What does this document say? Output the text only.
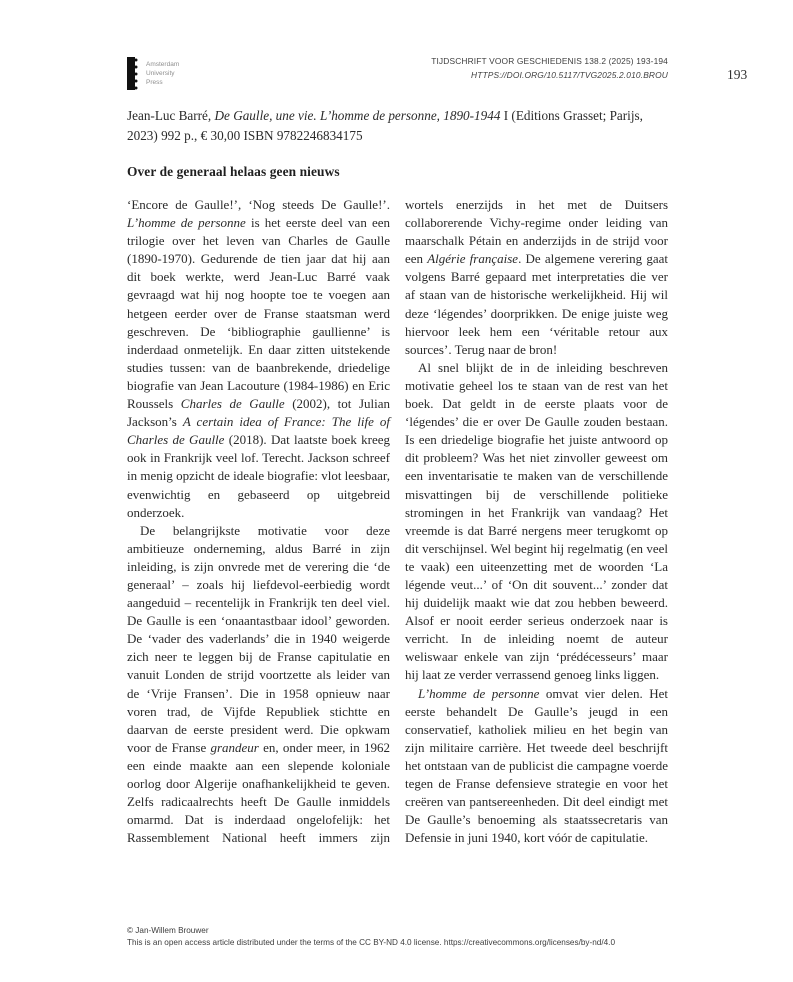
Amsterdam
University
Press
TIJDSCHRIFT VOOR GESCHIEDENIS 138.2 (2025) 193-194
HTTPS://DOI.ORG/10.5117/TVG2025.2.010.BROU	193
Jean-Luc Barré, De Gaulle, une vie. L’homme de personne, 1890-1944 I (Editions Grasset; Parijs, 2023) 992 p., € 30,00 ISBN 9782246834175
Over de generaal helaas geen nieuws

‘Encore de Gaulle!’, ‘Nog steeds De Gaulle!’. L’homme de personne is het eerste deel van een trilogie over het leven van Charles de Gaulle (1890-1970). Gedurende de tien jaar dat hij aan dit boek werkte, werd Jean-Luc Barré vaak gevraagd wat hij nog hoopte toe te voegen aan hetgeen eerder over de Franse staatsman werd geschreven. De ‘bibliographie gaullienne’ is inderdaad onmetelijk. En daar zitten uitstekende studies tussen: van de baanbrekende, driedelige biografie van Jean Lacouture (1984-1986) en Eric Roussels Charles de Gaulle (2002), tot Julian Jackson’s A certain idea of France: The life of Charles de Gaulle (2018). Dat laatste boek kreeg ook in Frankrijk veel lof. Terecht. Jackson schreef in menig opzicht de ideale biografie: vlot leesbaar, evenwichtig en gebaseerd op uitgebreid onderzoek.

De belangrijkste motivatie voor deze ambitieuze onderneming, aldus Barré in zijn inleiding, is zijn onvrede met de verering die ‘de generaal’ – zoals hij liefdevol-eerbiedig wordt aangeduid – recentelijk in Frankrijk ten deel viel. De Gaulle is een ‘onaantastbaar idool’ geworden. De ‘vader des vaderlands’ die in 1940 weigerde zich neer te leggen bij de Franse capitulatie en vanuit Londen de strijd voortzette als leider van de ‘Vrije Fransen’. Die in 1958 opnieuw naar voren trad, de Vijfde Republiek stichtte en daarvan de eerste president werd. Die opkwam voor de Franse grandeur en, onder meer, in 1962 een einde maakte aan een slepende koloniale oorlog door Algerije onafhankelijkheid te geven. Zelfs radicaalrechts heeft De Gaulle inmiddels omarmd. Dat is inderdaad ongelofelijk: het Rassemblement National heeft immers zijn wortels enerzijds in het met de Duitsers collaborerende Vichy-regime onder leiding van maarschalk Pétain en anderzijds in de strijd voor een Algérie française. De algemene verering gaat volgens Barré gepaard met interpretaties die ver af staan van de historische werkelijkheid. Hij wil deze ‘légendes’ doorprikken. De enige juiste weg hiervoor leek hem een ‘véritable retour aux sources’. Terug naar de bron!

Al snel blijkt de in de inleiding beschreven motivatie geheel los te staan van de rest van het boek. Dat geldt in de eerste plaats voor de ‘légendes’ die er over De Gaulle zouden bestaan. Is een driedelige biografie het juiste antwoord op dit probleem? Was het niet zinvoller geweest om een inventarisatie te maken van de verschillende misvattingen bij de verschillende politieke stromingen in het Frankrijk van vandaag? Het vreemde is dat Barré nergens meer terugkomt op dit verschijnsel. Wel begint hij regelmatig (en veel te vaak) een uiteenzetting met de woorden ‘La légende veut...’ of ‘On dit souvent...’ zonder dat hij duidelijk maakt wie dat zou hebben beweerd. Alsof er nooit eerder serieus onderzoek naar is verricht. In de inleiding noemt de auteur weliswaar enkele van zijn ‘prédécesseurs’ maar hij laat ze verder verrassend genoeg links liggen.

L’homme de personne omvat vier delen. Het eerste behandelt De Gaulle’s jeugd in een conservatief, katholiek milieu en het begin van zijn militaire carrière. Het tweede deel beschrijft het ontstaan van de publicist die campagne voerde tegen de Franse defensieve strategie en voor het creëren van pantsereenheden. Dit deel eindigt met De Gaulle’s benoeming als staatssecretaris van Defensie in juni 1940, kort vóór de capitulatie.

© Jan-Willem Brouwer
This is an open access article distributed under the terms of the CC BY-ND 4.0 license. https://creativecommons.org/licenses/by-nd/4.0
